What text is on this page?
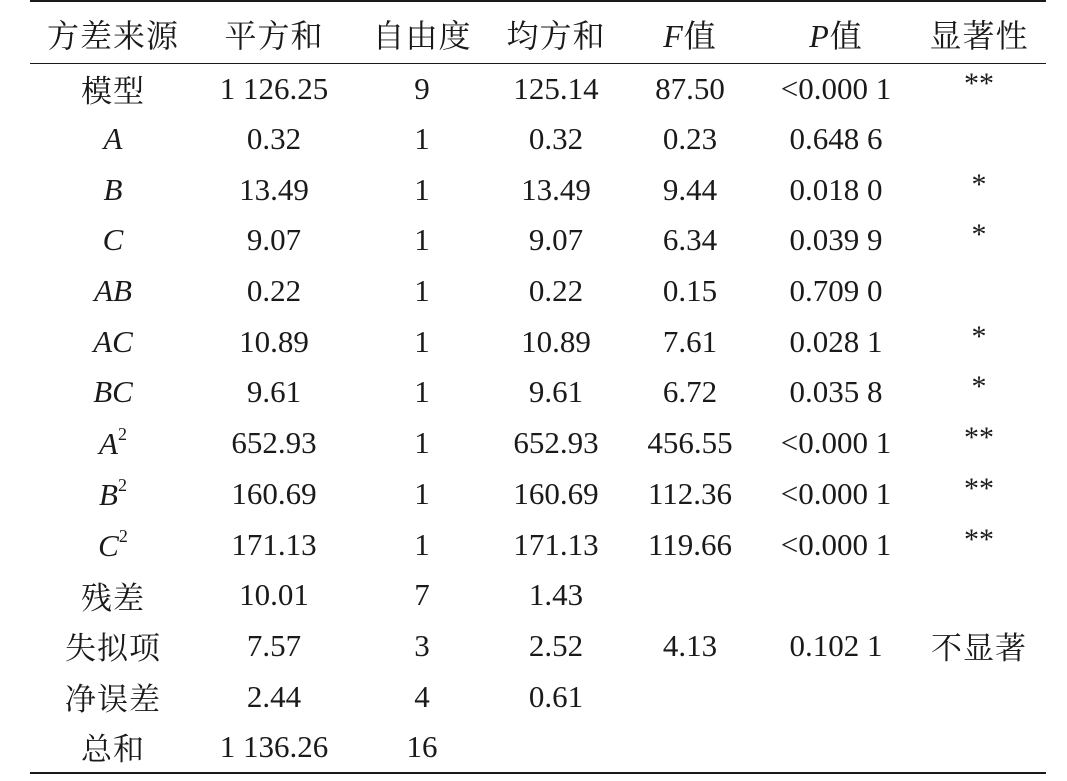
方差来源	平方和	自由度	均方和	F值	P值	显著性
模型	1 126.25	9	125.14	87.50	<0.000 1	**
A	0.32	1	0.32	0.23	0.648 6	
B	13.49	1	13.49	9.44	0.018 0	*
C	9.07	1	9.07	6.34	0.039 9	*
AB	0.22	1	0.22	0.15	0.709 0	
AC	10.89	1	10.89	7.61	0.028 1	*
BC	9.61	1	9.61	6.72	0.035 8	*
$A^2$	652.93	1	652.93	456.55	<0.000 1	**
$B^2$	160.69	1	160.69	112.36	<0.000 1	**
$C^2$	171.13	1	171.13	119.66	<0.000 1	**
残差	10.01	7	1.43			
失拟项	7.57	3	2.52	4.13	0.102 1	不显著
净误差	2.44	4	0.61			
总和	1 136.26	16				
